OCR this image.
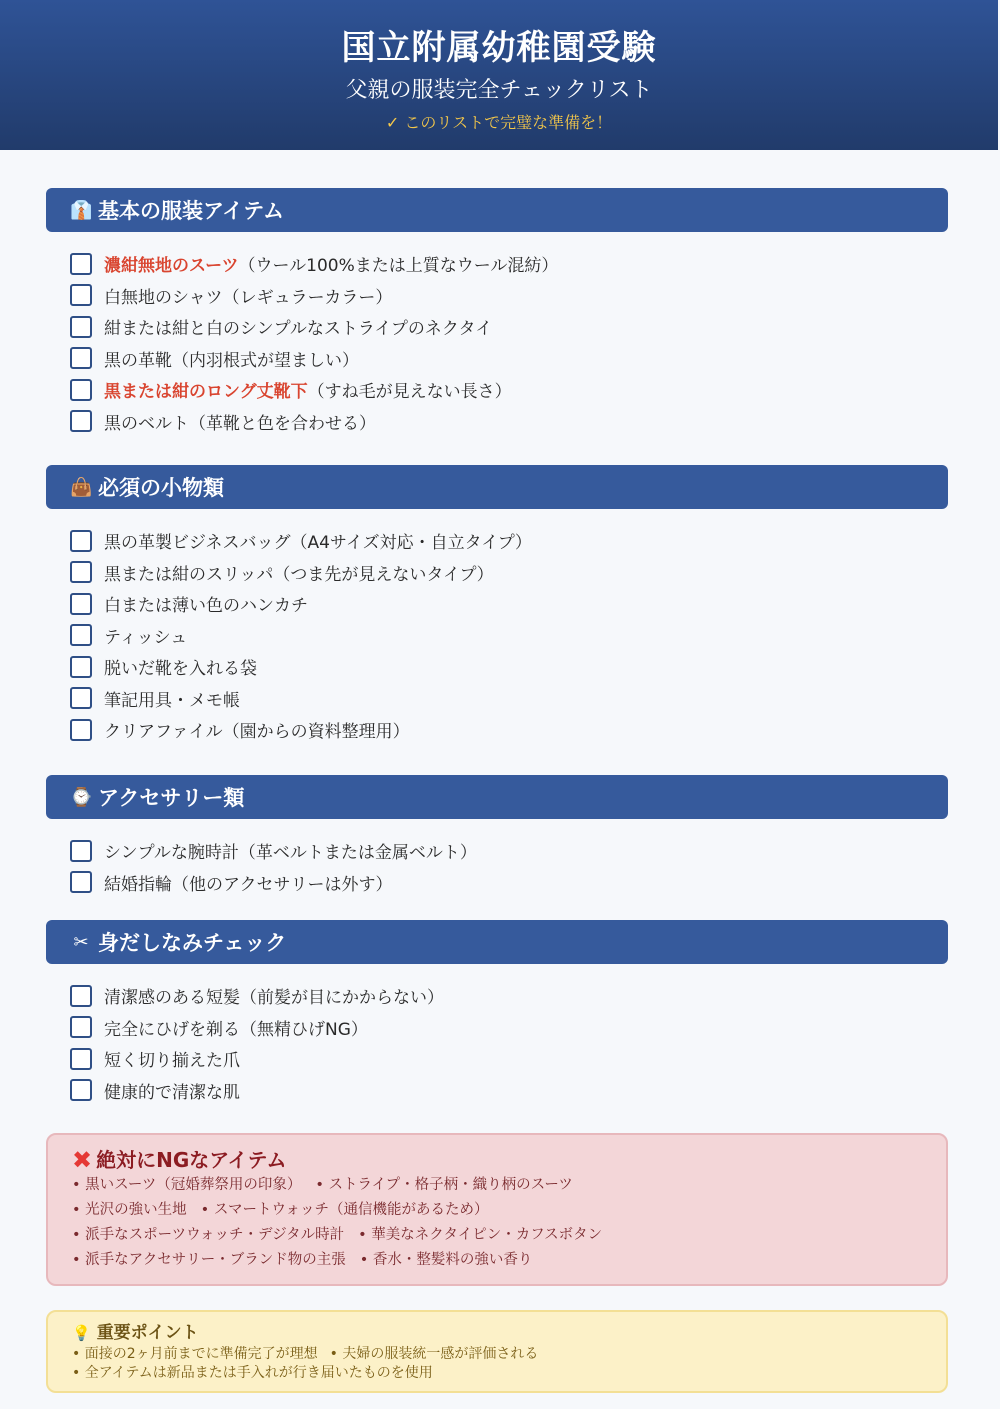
国立附属幼稚園受験
父親の服装完全チェックリスト
✓ このリストで完璧な準備を！
👔 基本の服装アイテム
濃紺無地のスーツ （ウール100%または上質なウール混紡）
白無地のシャツ（レギュラーカラー）
紺または紺と白のシンプルなストライプのネクタイ
黒の革靴（内羽根式が望ましい）
黒または紺のロング丈靴下 （すね毛が見えない長さ）
黒のベルト（革靴と色を合わせる）
👜 必須の小物類
黒の革製ビジネスバッグ（A4サイズ対応・自立タイプ）
黒または紺のスリッパ（つま先が見えないタイプ）
白または薄い色のハンカチ
ティッシュ
脱いだ靴を入れる袋
筆記用具・メモ帳
クリアファイル（園からの資料整理用）
⌚ アクセサリー類
シンプルな腕時計（革ベルトまたは金属ベルト）
結婚指輪（他のアクセサリーは外す）
✂ 身だしなみチェック
清潔感のある短髪（前髪が目にかからない）
完全にひげを剃る（無精ひげNG）
短く切り揃えた爪
健康的で清潔な肌
✖ 絶対にNGなアイテム
• 黒いスーツ（冠婚葬祭用の印象） • ストライプ・格子柄・織り柄のスーツ
• 光沢の強い生地 • スマートウォッチ（通信機能があるため）
• 派手なスポーツウォッチ・デジタル時計 • 華美なネクタイピン・カフスボタン
• 派手なアクセサリー・ブランド物の主張 • 香水・整髪料の強い香り
💡 重要ポイント
• 面接の2ヶ月前までに準備完了が理想 • 夫婦の服装統一感が評価される
• 全アイテムは新品または手入れが行き届いたものを使用
